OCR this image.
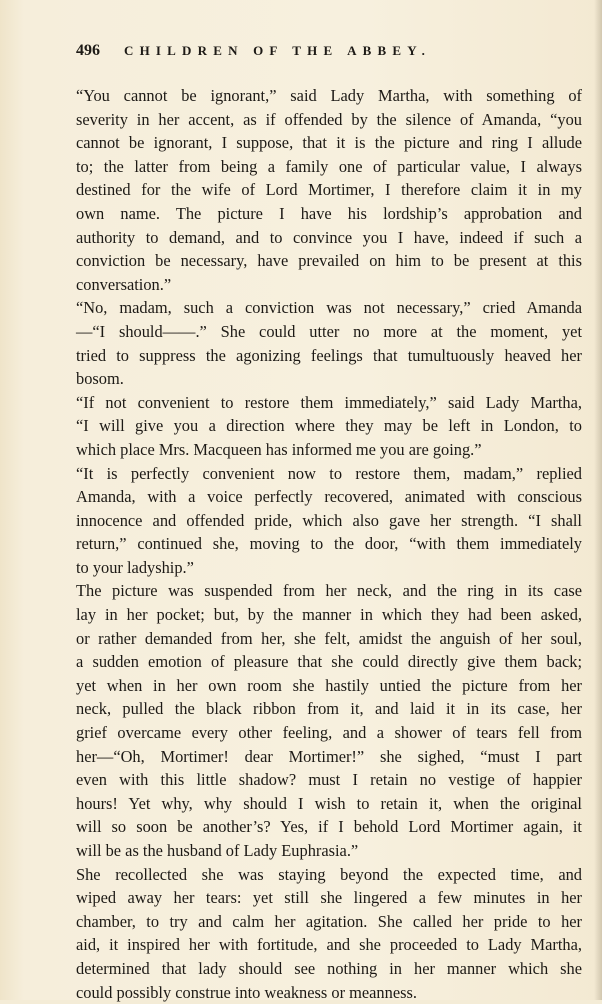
496 CHILDREN OF THE ABBEY.
“You cannot be ignorant,” said Lady Martha, with something of
severity in her accent, as if offended by the silence of Amanda, “you
cannot be ignorant, I suppose, that it is the picture and ring I allude
to; the latter from being a family one of particular value, I always
destined for the wife of Lord Mortimer, I therefore claim it in my
own name. The picture I have his lordship’s approbation and
authority to demand, and to convince you I have, indeed if such a
conviction be necessary, have prevailed on him to be present at this
conversation.”
“No, madam, such a conviction was not necessary,” cried Amanda
—“I should——.” She could utter no more at the moment, yet
tried to suppress the agonizing feelings that tumultuously heaved her
bosom.
“If not convenient to restore them immediately,” said Lady Martha,
“I will give you a direction where they may be left in London, to
which place Mrs. Macqueen has informed me you are going.”
“It is perfectly convenient now to restore them, madam,” replied
Amanda, with a voice perfectly recovered, animated with conscious
innocence and offended pride, which also gave her strength. “I shall
return,” continued she, moving to the door, “with them immediately
to your ladyship.”
The picture was suspended from her neck, and the ring in its case
lay in her pocket; but, by the manner in which they had been asked,
or rather demanded from her, she felt, amidst the anguish of her soul,
a sudden emotion of pleasure that she could directly give them back;
yet when in her own room she hastily untied the picture from her
neck, pulled the black ribbon from it, and laid it in its case, her
grief overcame every other feeling, and a shower of tears fell from
her—“Oh, Mortimer! dear Mortimer!” she sighed, “must I part
even with this little shadow? must I retain no vestige of happier
hours! Yet why, why should I wish to retain it, when the original
will so soon be another’s? Yes, if I behold Lord Mortimer again, it
will be as the husband of Lady Euphrasia.”
She recollected she was staying beyond the expected time, and
wiped away her tears: yet still she lingered a few minutes in her
chamber, to try and calm her agitation. She called her pride to her
aid, it inspired her with fortitude, and she proceeded to Lady Martha,
determined that lady should see nothing in her manner which she
could possibly construe into weakness or meanness.
